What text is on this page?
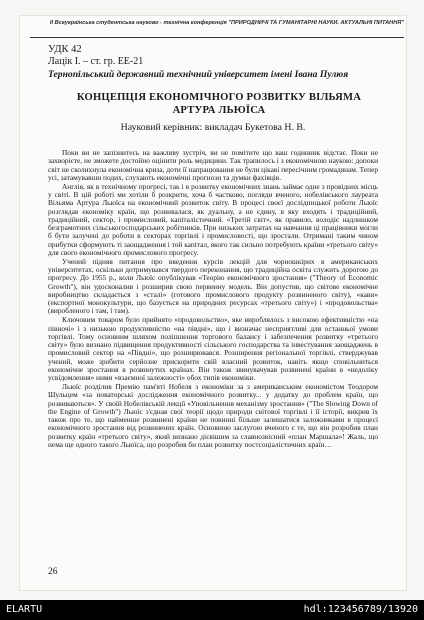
ІІ Всеукраїнська студентська науково - технічна конференція "ПРИРОДНИЧІ ТА ГУМАНІТАРНІ НАУКИ. АКТУАЛЬНІ ПИТАННЯ"
УДК 42
Лацік І. – ст. гр. ЕЕ-21
Тернопільський державний технічний університет імені Івана Пулюя
КОНЦЕПЦІЯ ЕКОНОМІЧНОГО РОЗВИТКУ ВІЛЬЯМА АРТУРА ЛЬЮЇСА
Науковий керівник: викладач Букетова Н. В.

Поки ви не зaпізнитесь на важливу зустріч, ви не помітите що ваш годинник відстає. Поки не захворієте, не зможете достойно оцінити роль медицини. Так трапилось і з економічною наукою: допоки світ не сколихнула економічна криза, доти її напрацювання не були цікаві пересічним громадянам. Тепер усі, затамувавши подих, слухають економічні прогнози та думки фахівців.

Англія, як в технічному прогресі, так і в розвитку економічних знань займає одне з провідних місць у світі. В цій роботі ми хотіли б розкрити, хоча б частково, погляди вченого, нобелівського лауреата Вільяма Артура Льюїса на економічний розвиток світу. В процесі своєї дослідницької роботи Льюїс розглядав економіку країн, що розвивалася, як дуальну, а не єдину, в яку входять і традиційний, традиційний, сектор, і промисловий, капіталістичний. «Третій світ», як правило, володіє надлишком безграмотних сільськогосподарських робітників. При низьких затратах на навчання ці працівники могли б бути залучені до роботи в секторах торгівлі і промисловості, що зростали. Отримані таким чином прибутки сформують ті заощадження і той капітал, якого так сильно потребують країни «третього світу» для свого економічного промислового прогресу.

Учений підняв питання про введення курсів лекцій для чорношкірих в американських університетах, оскільки дотримувався твердого переконання, що традиційна освіта служить дорогою до прогресу. До 1955 р., коли Льюїс опублікував «Теорію економічного зростання» ("Theory of Economic Growth"), він удосконалив і розширив свою первинну модель. Він допустив, що світове економічне виробництво складається з «сталі» (готового промислового продукту розвиненого світу), «кави» (експортної монокультури, що базується на природних ресурсах «третього світу») і «продовольства» (виробленого і там, і там).

Ключовим товаром було прийнято «продовольство», яке вироблялось з високою ефективністю «на півночі» і з низькою продуктивністю «на півдні», що і визначає несприятливі для останньої умови торгівлі. Тому основним шляхом поліпшення торгового балансу і забезпечення розвитку «третього світу» було визнано підвищення продуктивності сільського господарства та інвестування заощаджень в промисловий сектор на «Півдні», що розширювався. Розширення регіональної торгівлі, стверджував учений, може зробити серйозне прискорити свій власний розвиток, навіть якщо сповільниться економічне зростання в розвинутих країнах. Він також звинувачував розвинені країни в «недоліку усвідомлення» ними «взаємної залежності» обох типів економіки.

Льюїс розділив Премію пам'яті Нобеля з економіки за з американським економістом Теодором Шульцем «за новаторські дослідження економічного розвитку... у додатку до проблем країн, що розвиваються». У своїй Нобелівській лекції «Уповільнення механізму зростання» ("The Slowing Down of the Engine of Growth") Льюїс з'єднав свої теорії щодо природи світової торгівлі і її історії, викрив їх також про те, що найменше розвинені країни не повинні більше залишатися заложниками в процесі економічного зростання від розвинених країн. Основною заслугою вченого є те, що він розробив план розвитку країн «третього світу», який визнано дієвішим за славнозвісний «план Маршала»! Жаль, що нема ще одного такого Льюїса, що розробив би план розвитку постсоціалістичних країн…

26
ELARTU	hdl:123456789/13920
